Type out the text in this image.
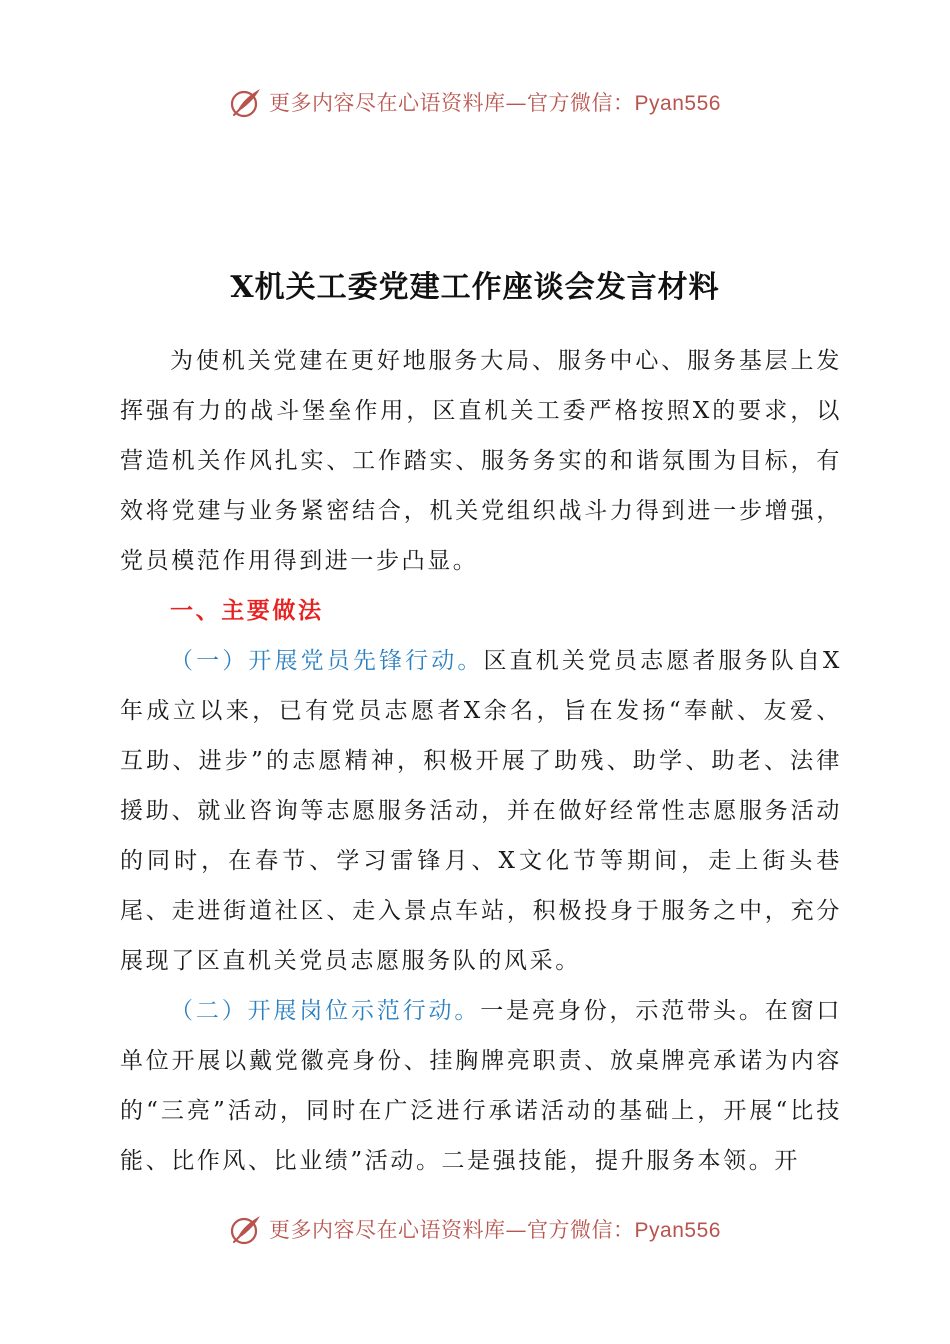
更多内容尽在心语资料库—官方微信：Pyan556
X机关工委党建工作座谈会发言材料

为使机关党建在更好地服务大局、服务中心、服务基层上发挥强有力的战斗堡垒作用，区直机关工委严格按照X的要求，以营造机关作风扎实、工作踏实、服务务实的和谐氛围为目标，有效将党建与业务紧密结合，机关党组织战斗力得到进一步增强，党员模范作用得到进一步凸显。

一、主要做法

（一）开展党员先锋行动。区直机关党员志愿者服务队自X年成立以来，已有党员志愿者X余名，旨在发扬“奉献、友爱、互助、进步”的志愿精神，积极开展了助残、助学、助老、法律援助、就业咨询等志愿服务活动，并在做好经常性志愿服务活动的同时，在春节、学习雷锋月、X文化节等期间，走上街头巷尾、走进街道社区、走入景点车站，积极投身于服务之中，充分展现了区直机关党员志愿服务队的风采。

（二）开展岗位示范行动。一是亮身份，示范带头。在窗口单位开展以戴党徽亮身份、挂胸牌亮职责、放桌牌亮承诺为内容的“三亮”活动，同时在广泛进行承诺活动的基础上，开展“比技能、比作风、比业绩”活动。二是强技能，提升服务本领。开

更多内容尽在心语资料库—官方微信：Pyan556
